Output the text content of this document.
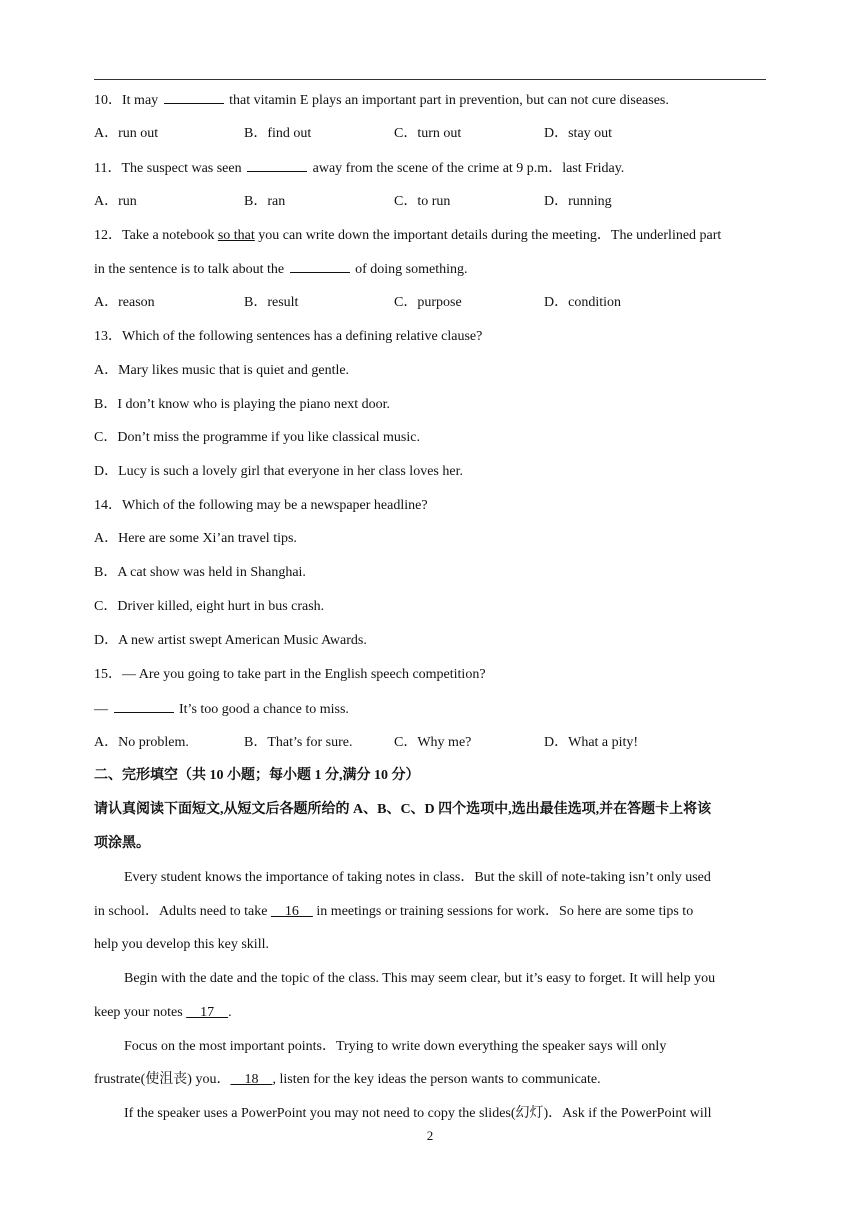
10．It may	that vitamin E plays an important part in prevention, but can not cure diseases.
A．run out	B．find out	C．turn out	D．stay out
11．The suspect was seen	away from the scene of the crime at 9 p.m．last Friday.
A．run	B．ran	C．to run	D．running
12．Take a notebook so that you can write down the important details during the meeting．The underlined part
in the sentence is to talk about the	of doing something.
A．reason	B．result	C．purpose	D．condition
13．Which of the following sentences has a defining relative clause?
A．Mary likes music that is quiet and gentle.
B．I don’t know who is playing the piano next door.
C．Don’t miss the programme if you like classical music.
D．Lucy is such a lovely girl that everyone in her class loves her.
14．Which of the following may be a newspaper headline?
A．Here are some Xi’an travel tips.
B．A cat show was held in Shanghai.
C．Driver killed, eight hurt in bus crash.
D．A new artist swept American Music Awards.
15．— Are you going to take part in the English speech competition?
—	It’s too good a chance to miss.
A．No problem.	B．That’s for sure.	C．Why me?	D．What a pity!
二、完形填空（共 10 小题；每小题 1 分,满分 10 分）
请认真阅读下面短文,从短文后各题所给的 A、B、C、D 四个选项中,选出最佳选项,并在答题卡上将该
项涂黑。
Every student knows the importance of taking notes in class．But the skill of note-taking isn’t only used
in school．Adults need to take     16     in meetings or training sessions for work．So here are some tips to
help you develop this key skill.
Begin with the date and the topic of the class. This may seem clear, but it’s easy to forget. It will help you
keep your notes     17    .
Focus on the most important points．Trying to write down everything the speaker says will only
frustrate(使沮丧) you．    18    , listen for the key ideas the person wants to communicate.
If the speaker uses a PowerPoint you may not need to copy the slides(幻灯)．Ask if the PowerPoint will
2
